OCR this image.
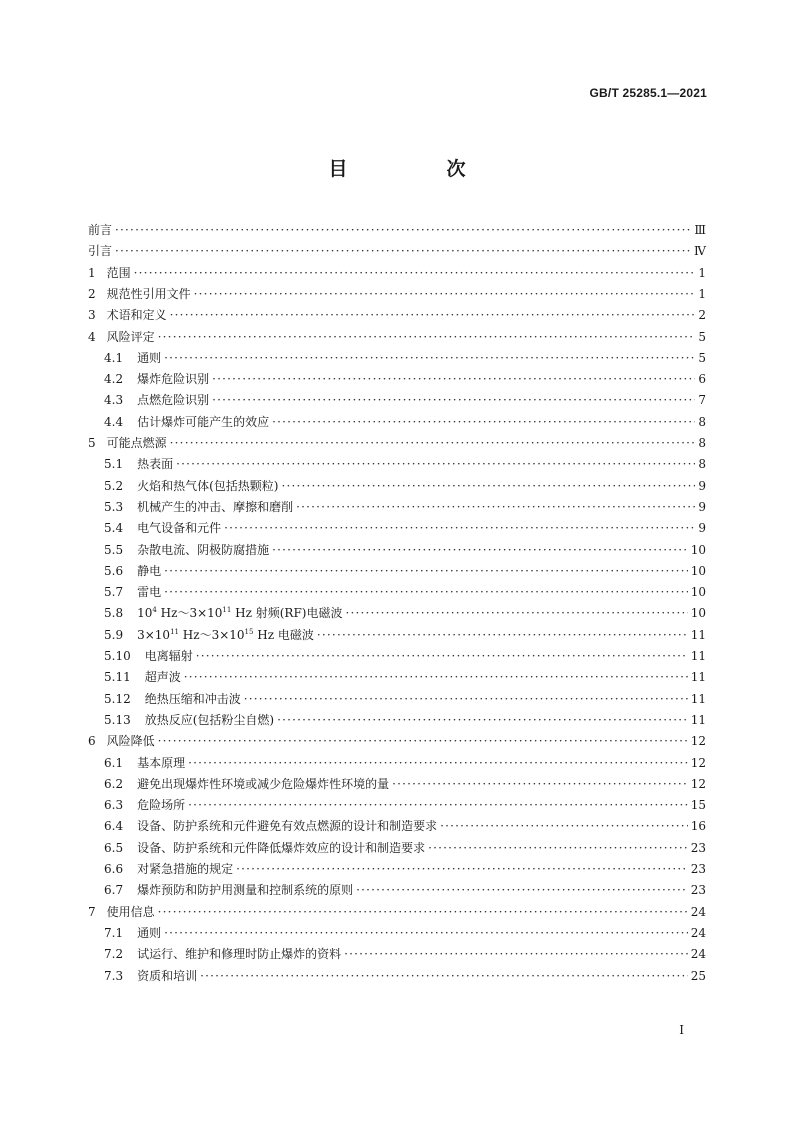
GB/T 25285.1—2021
目　次
前言 ·····	Ⅲ
引言 ·····	Ⅳ
1 范围 ·····	1
2 规范性引用文件 ·····	1
3 术语和定义 ·····	2
4 风险评定 ·····	5
4.1	通则 ·····	5
4.2	爆炸危险识别 ·····	6
4.3	点燃危险识别 ·····	7
4.4	估计爆炸可能产生的效应 ·····	8
5 可能点燃源 ·····	8
5.1	热表面 ·····	8
5.2	火焰和热气体(包括热颗粒) ·····	9
5.3	机械产生的冲击、摩擦和磨削 ·····	9
5.4	电气设备和元件 ·····	9
5.5	杂散电流、阴极防腐措施 ·····	10
5.6	静电 ·····	10
5.7	雷电 ·····	10
5.8	$10^4$ $Hz\sim 3\times 10^{11}$ Hz 射频(RF)电磁波 ·····	10
5.9	$3\times 10^{11}$ $Hz\sim 3\times 10^{15}$ Hz 电磁波 ·····	11
5.10	电离辐射 ·····	11
5.11	超声波 ·····	11
5.12	绝热压缩和冲击波 ·····	11
5.13	放热反应(包括粉尘自燃) ·····	11
6 风险降低 ·····	12
6.1	基本原理 ·····	12
6.2	避免出现爆炸性环境或减少危险爆炸性环境的量 ·····	12
6.3	危险场所 ·····	15
6.4	设备、防护系统和元件避免有效点燃源的设计和制造要求 ·····	16
6.5	设备、防护系统和元件降低爆炸效应的设计和制造要求 ·····	23
6.6	对紧急措施的规定 ·····	23
6.7	爆炸预防和防护用测量和控制系统的原则 ·····	23
7 使用信息 ·····	24
7.1	通则 ·····	24
7.2	试运行、维护和修理时防止爆炸的资料 ·····	24
7.3	资质和培训 ·····	25
Ⅰ
